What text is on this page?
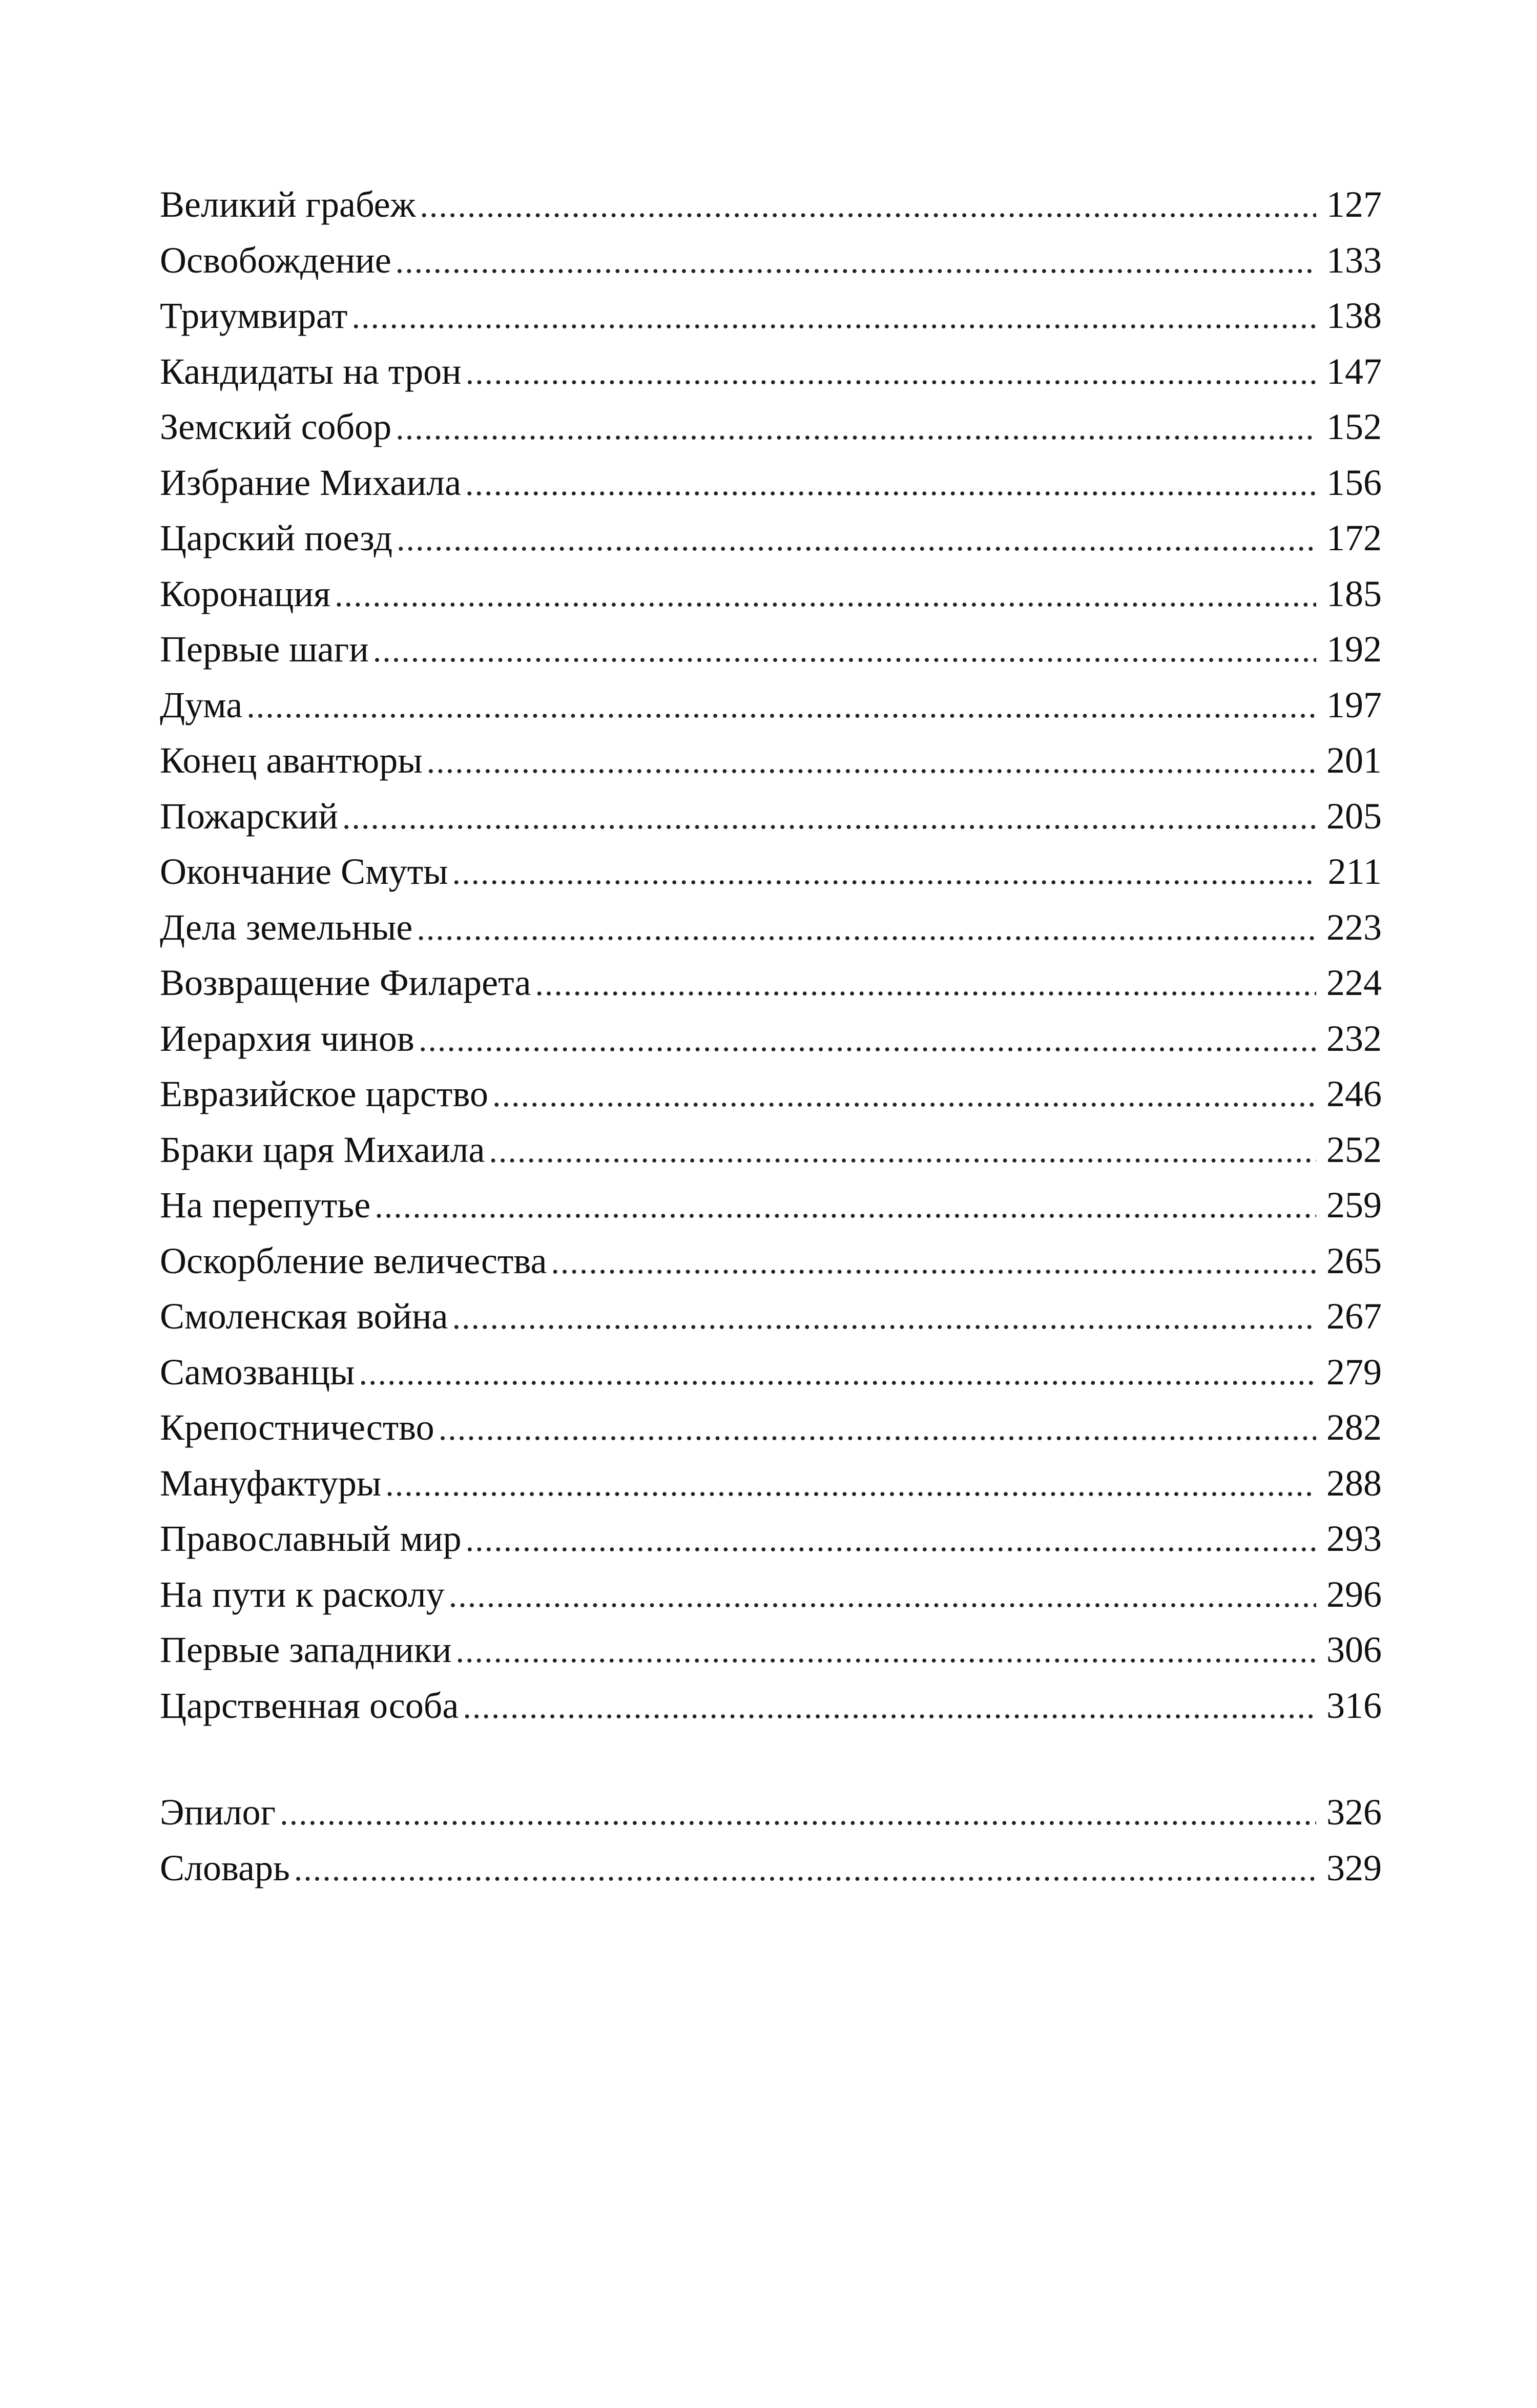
Великий грабеж .....	127
Освобождение .....	133
Триумвират .....	138
Кандидаты на трон .....	147
Земский собор .....	152
Избрание Михаила .....	156
Царский поезд .....	172
Коронация .....	185
Первые шаги .....	192
Дума .....	197
Конец авантюры .....	201
Пожарский .....	205
Окончание Смуты .....	211
Дела земельные .....	223
Возвращение Филарета .....	224
Иерархия чинов .....	232
Евразийское царство .....	246
Браки царя Михаила .....	252
На перепутье .....	259
Оскорбление величества .....	265
Смоленская война .....	267
Самозванцы .....	279
Крепостничество .....	282
Мануфактуры .....	288
Православный мир .....	293
На пути к расколу .....	296
Первые западники .....	306
Царственная особа .....	316
Эпилог .....	326
Словарь .....	329
